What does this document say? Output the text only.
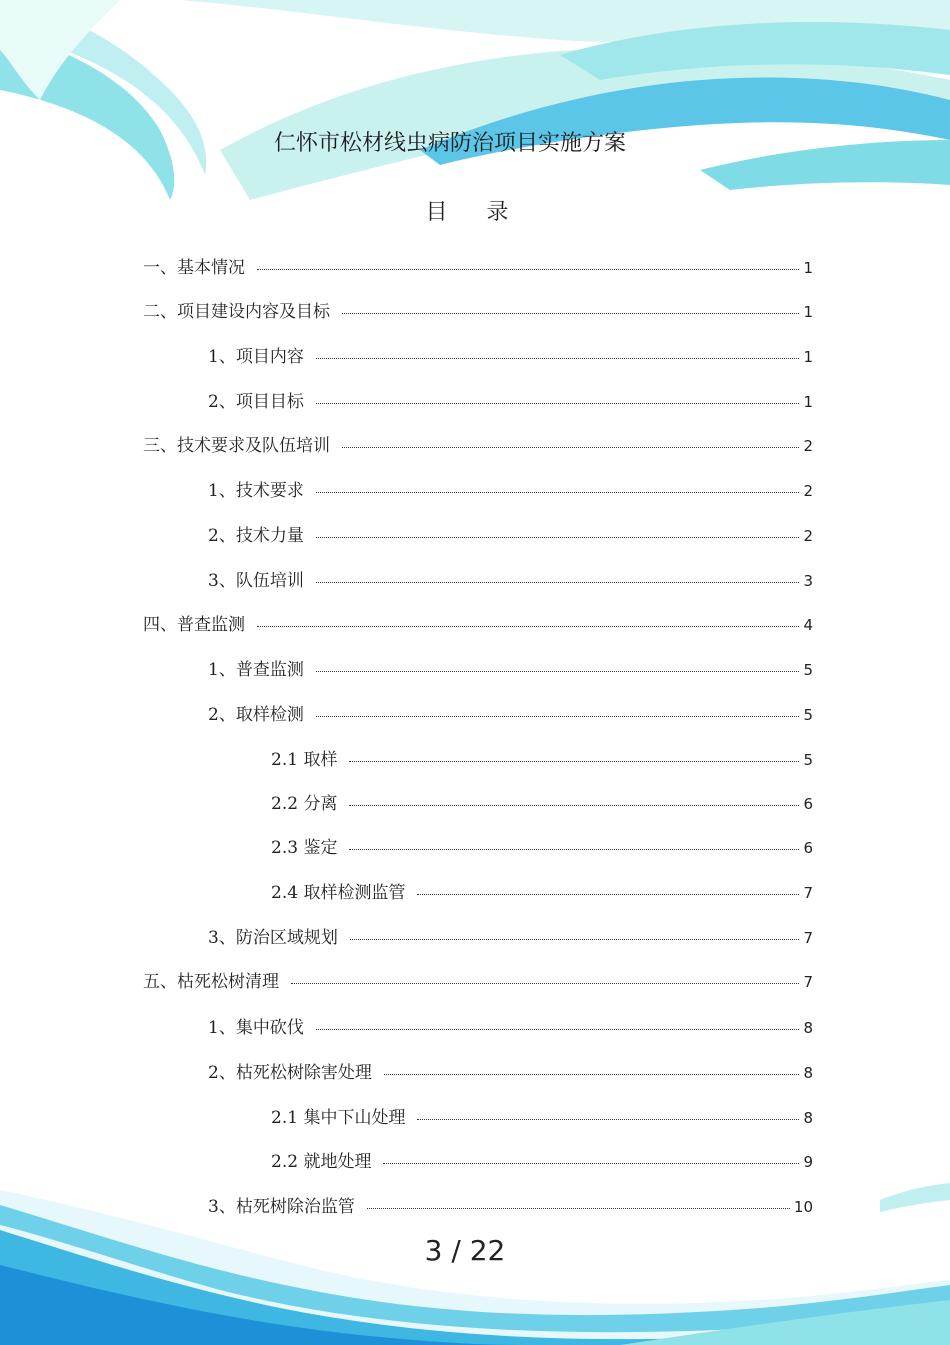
仁怀市松材线虫病防治项目实施方案
目 录
一、基本情况	1
二、项目建设内容及目标	1
1、项目内容	1
2、项目目标	1
三、技术要求及队伍培训	2
1、技术要求	2
2、技术力量	2
3、队伍培训	3
四、普查监测	4
1、普查监测	5
2、取样检测	5
2.1 取样	5
2.2 分离	6
2.3 鉴定	6
2.4 取样检测监管	7
3、防治区域规划	7
五、枯死松树清理	7
1、集中砍伐	8
2、枯死松树除害处理	8
2.1 集中下山处理	8
2.2 就地处理	9
3、枯死树除治监管	10
3 / 22
